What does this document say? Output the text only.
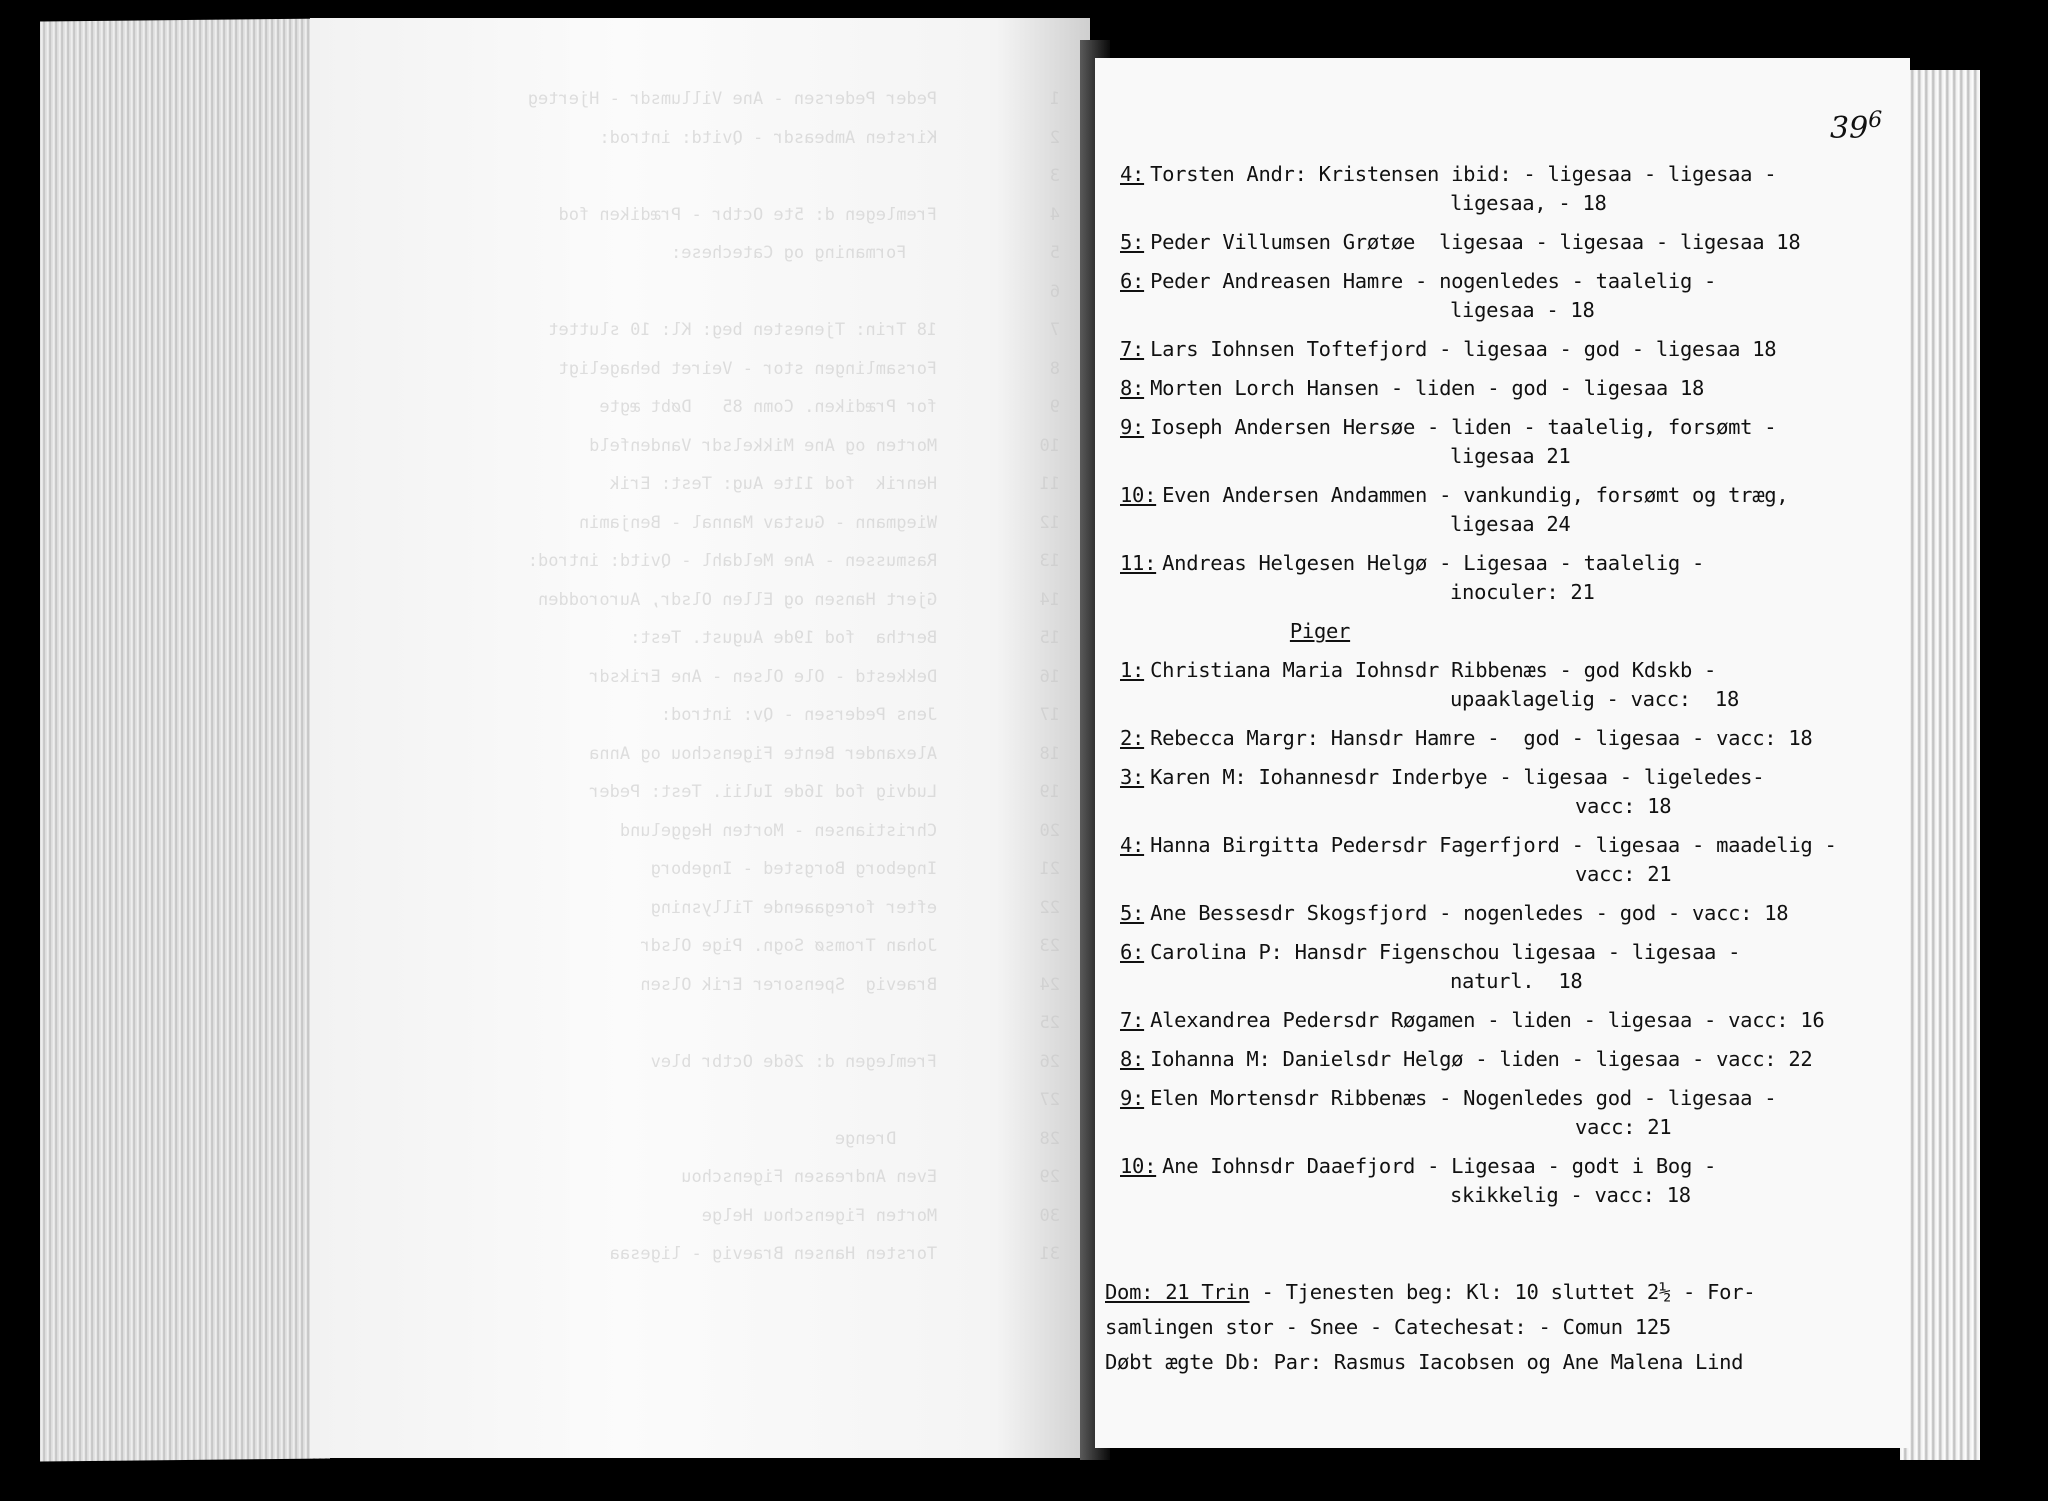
1           Peder Pedersen - Ane Villumsdr - Hjerteg
2           Kirsten Ambeasdr - Qvitd: introd:
3
4           Fremlegen d: 5te Octbr - Prædiken fod
5              Formaning og Catechese:
6
7           18 Trin: Tjenesten beg: Kl: 10 sluttet
8           Forsamlingen stor - Veiret behageligt
9           for Prædiken. Comn 85   Døbt ægte
10          Morten og Ane Mikkelsdr Vandenfeld
11          Henrik  fod 11te Aug: Test: Erik
12          Wiegmann - Gustav Mannal - Benjamin
13          Rasmussen - Ane Meldahl - Qvitd: introd:
14          Gjert Hansen og Ellen Olsdr, Aurorodden
15          Bertha  fod 19de August. Test:
16          Dekkestd - Ole Olsen - Ane Eriksdr
17          Jens Pedersen - Qv: introd:
18          Alexander Bente Figenschou og Anna
19          Ludvig fod 16de Iulii. Test: Peder
20          Christiansen - Morten Heggelund
21          Ingeborg Borgsted - Ingeborg
22          efter foregaaende Tillysning
23          Johan Tromsø Sogn. Pige Olsdr
24          Braevig  Spensorer Erik Olsen
25
26          Fremlegen d: 26de Octbr blev
27
28              Drenge
29          Even Andreasen Figenschou
30          Morten Figenschou Helge
31          Torsten Hansen Braevig - ligesaa
$39^6$
4: Torsten Andr: Kristensen ibid: - ligesaa - ligesaa -
ligesaa, - 18
5: Peder Villumsen Grøtøe  ligesaa - ligesaa - ligesaa 18
6: Peder Andreasen Hamre - nogenledes - taalelig -
ligesaa - 18
7: Lars Iohnsen Toftefjord - ligesaa - god - ligesaa 18
8: Morten Lorch Hansen - liden - god - ligesaa 18
9: Ioseph Andersen Hersøe - liden - taalelig, forsømt -
ligesaa 21
10: Even Andersen Andammen - vankundig, forsømt og træg,
ligesaa 24
11: Andreas Helgesen Helgø - Ligesaa - taalelig -
inoculer: 21
Piger
1: Christiana Maria Iohnsdr Ribbenæs - god Kdskb -
upaaklagelig - vacc:  18
2: Rebecca Margr: Hansdr Hamre -  god - ligesaa - vacc: 18
3: Karen M: Iohannesdr Inderbye - ligesaa - ligeledes-
vacc: 18
4: Hanna Birgitta Pedersdr Fagerfjord - ligesaa - maadelig -
vacc: 21
5: Ane Bessesdr Skogsfjord - nogenledes - god - vacc: 18
6: Carolina P: Hansdr Figenschou ligesaa - ligesaa -
naturl.  18
7: Alexandrea Pedersdr Røgamen - liden - ligesaa - vacc: 16
8: Iohanna M: Danielsdr Helgø - liden - ligesaa - vacc: 22
9: Elen Mortensdr Ribbenæs - Nogenledes god - ligesaa -
vacc: 21
10: Ane Iohnsdr Daaefjord - Ligesaa - godt i Bog -
skikkelig - vacc: 18
Dom: 21 Trin - Tjenesten beg: Kl: 10 sluttet 2½ - For-
samlingen stor - Snee - Catechesat: - Comun 125
Døbt ægte Db: Par: Rasmus Iacobsen og Ane Malena Lind
